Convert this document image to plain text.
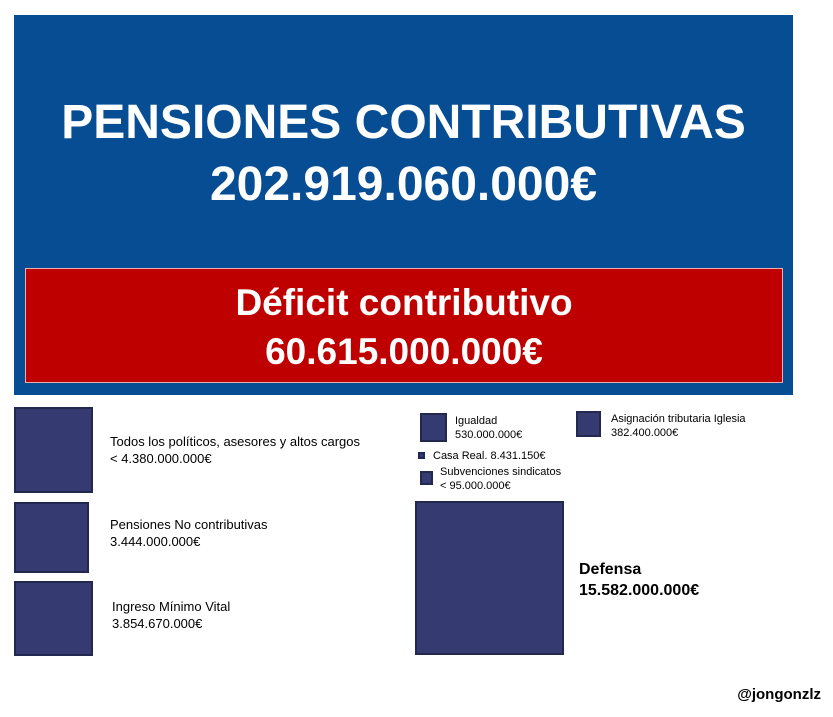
PENSIONES CONTRIBUTIVAS
202.919.060.000€
Déficit contributivo
60.615.000.000€
@jongonzlz
Todos los políticos, asesores y altos cargos
< 4.380.000.000€
Pensiones No contributivas
3.444.000.000€
Ingreso Mínimo Vital
3.854.670.000€
Igualdad
530.000.000€
Casa Real. 8.431.150€
Subvenciones sindicatos
< 95.000.000€
Asignación tributaria Iglesia
382.400.000€
Defensa
15.582.000.000€
